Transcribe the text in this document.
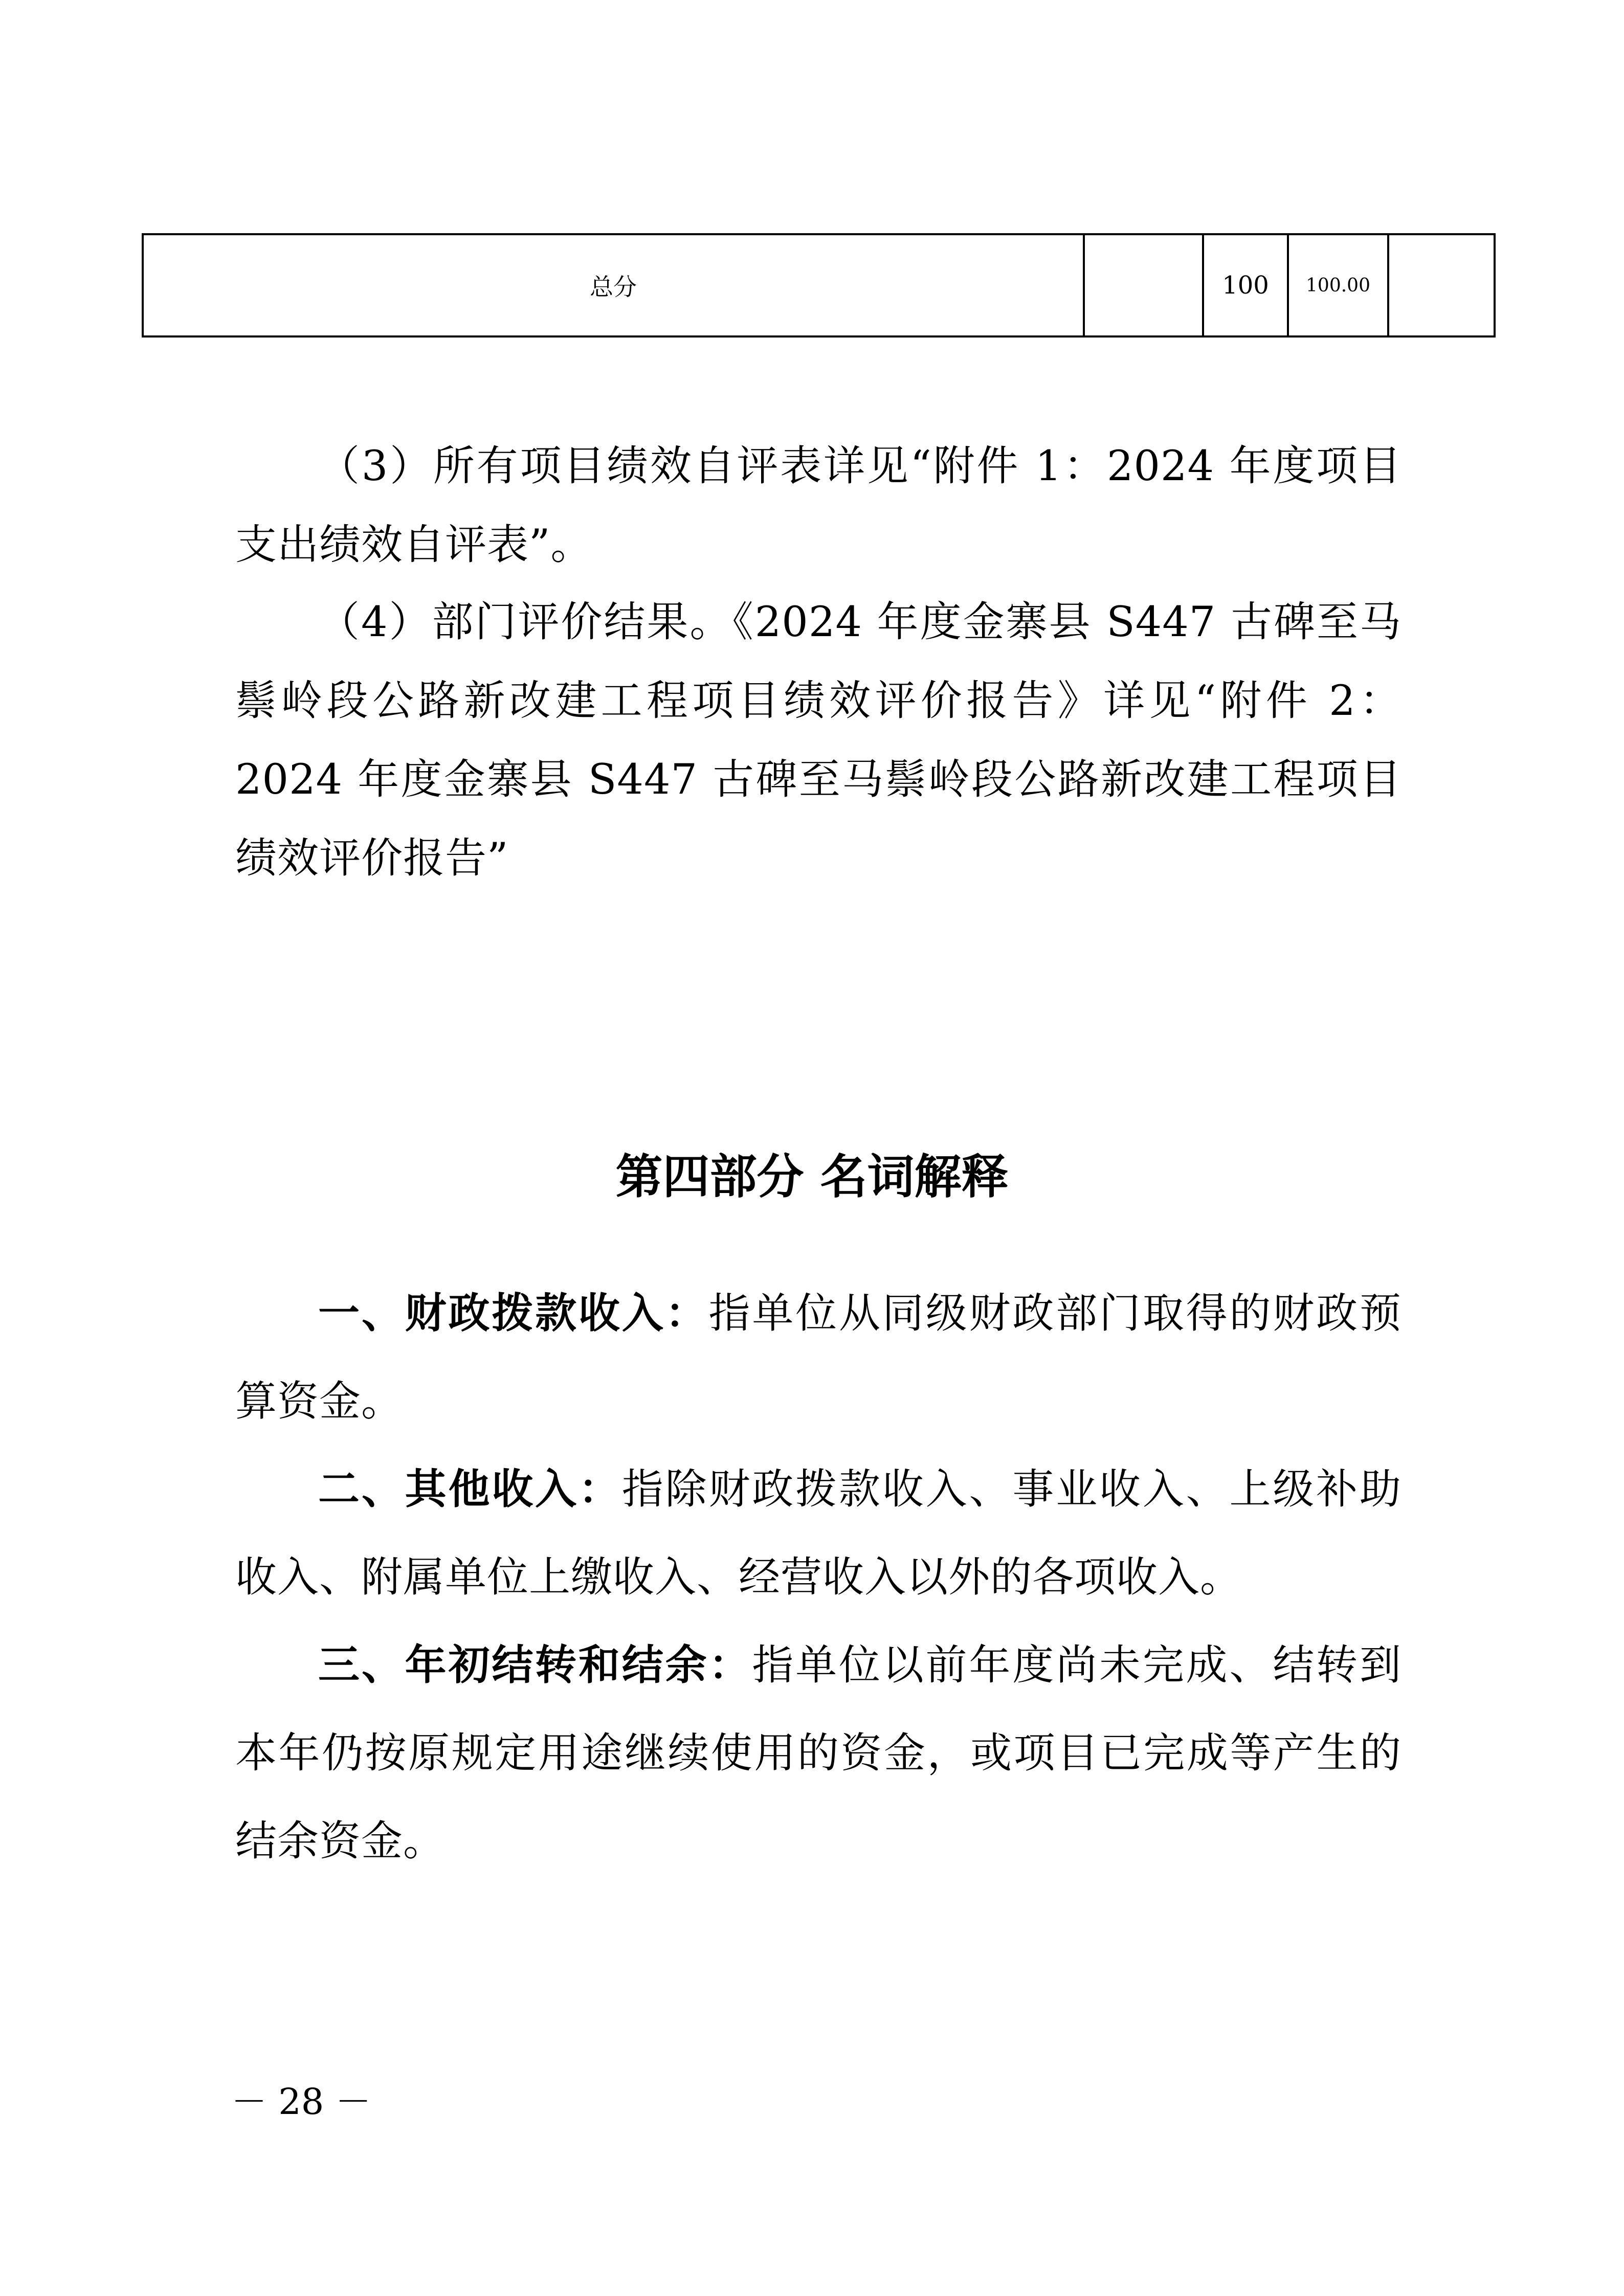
总分		100	100.00	

（3）所有项目绩效自评表详见“附件 1：2024 年度项目支出绩效自评表”。

（4）部门评价结果。《2024 年度金寨县 S447 古碑至马鬃岭段公路新改建工程项目绩效评价报告》详见“附件 2：2024 年度金寨县 S447 古碑至马鬃岭段公路新改建工程项目绩效评价报告”

第四部分 名词解释

一、财政拨款收入：指单位从同级财政部门取得的财政预算资金。

二、其他收入：指除财政拨款收入、事业收入、上级补助收入、附属单位上缴收入、经营收入以外的各项收入。

三、年初结转和结余：指单位以前年度尚未完成、结转到本年仍按原规定用途继续使用的资金，或项目已完成等产生的结余资金。

－ 28 －
